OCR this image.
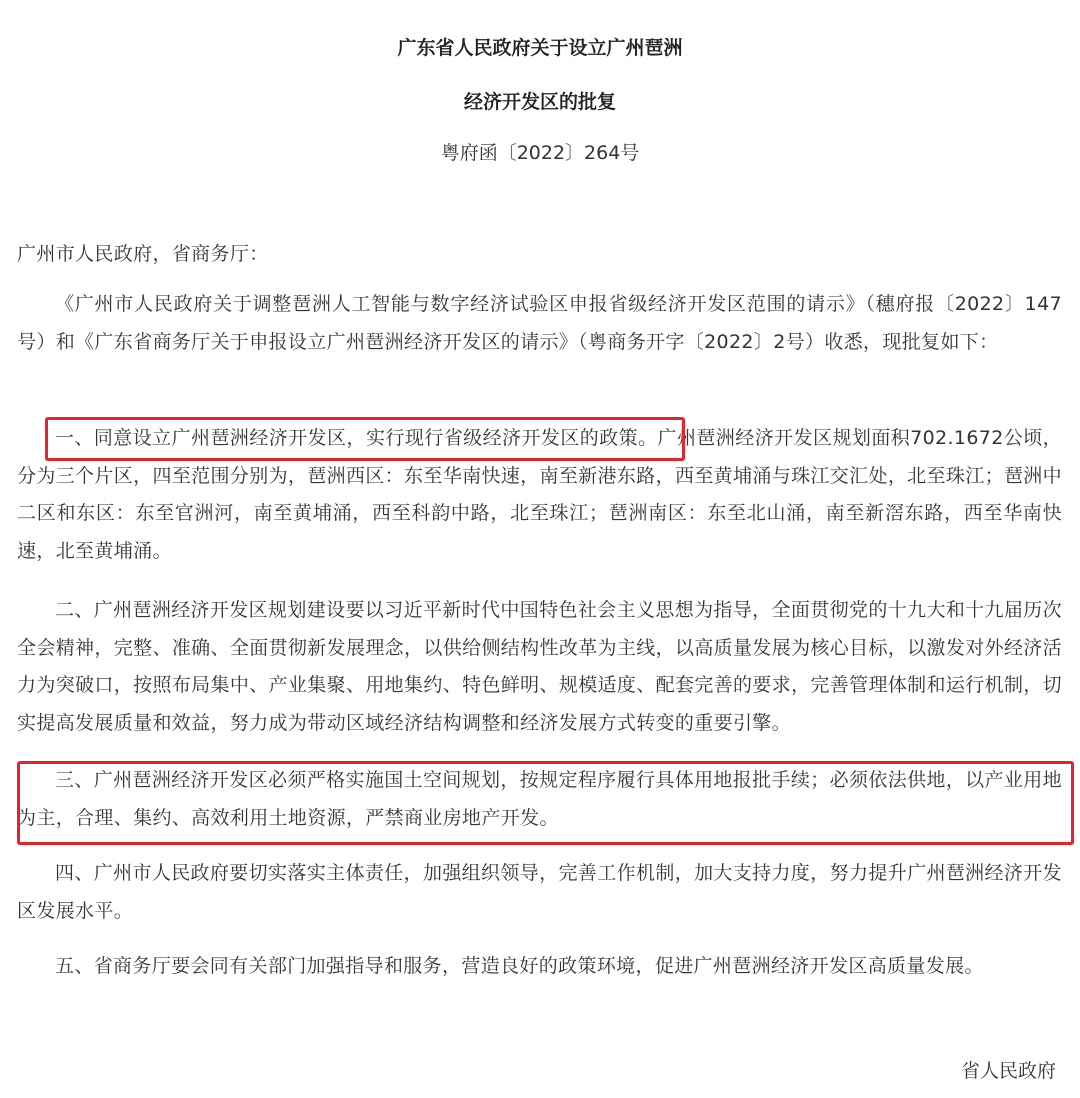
广东省人民政府关于设立广州琶洲
经济开发区的批复
粤府函〔2022〕264号

广州市人民政府，省商务厅：

《广州市人民政府关于调整琶洲人工智能与数字经济试验区申报省级经济开发区范围的请示》（穗府报〔2022〕147号）和《广东省商务厅关于申报设立广州琶洲经济开发区的请示》（粤商务开字〔2022〕2号）收悉，现批复如下：

一、同意设立广州琶洲经济开发区，实行现行省级经济开发区的政策。广州琶洲经济开发区规划面积702.1672公顷，分为三个片区，四至范围分别为，琶洲西区：东至华南快速，南至新港东路，西至黄埔涌与珠江交汇处，北至珠江；琶洲中二区和东区：东至官洲河，南至黄埔涌，西至科韵中路，北至珠江；琶洲南区：东至北山涌，南至新滘东路，西至华南快速，北至黄埔涌。

二、广州琶洲经济开发区规划建设要以习近平新时代中国特色社会主义思想为指导，全面贯彻党的十九大和十九届历次全会精神，完整、准确、全面贯彻新发展理念，以供给侧结构性改革为主线，以高质量发展为核心目标，以激发对外经济活力为突破口，按照布局集中、产业集聚、用地集约、特色鲜明、规模适度、配套完善的要求，完善管理体制和运行机制，切实提高发展质量和效益，努力成为带动区域经济结构调整和经济发展方式转变的重要引擎。

三、广州琶洲经济开发区必须严格实施国土空间规划，按规定程序履行具体用地报批手续；必须依法供地，以产业用地为主，合理、集约、高效利用土地资源，严禁商业房地产开发。

四、广州市人民政府要切实落实主体责任，加强组织领导，完善工作机制，加大支持力度，努力提升广州琶洲经济开发区发展水平。

五、省商务厅要会同有关部门加强指导和服务，营造良好的政策环境，促进广州琶洲经济开发区高质量发展。

省人民政府
